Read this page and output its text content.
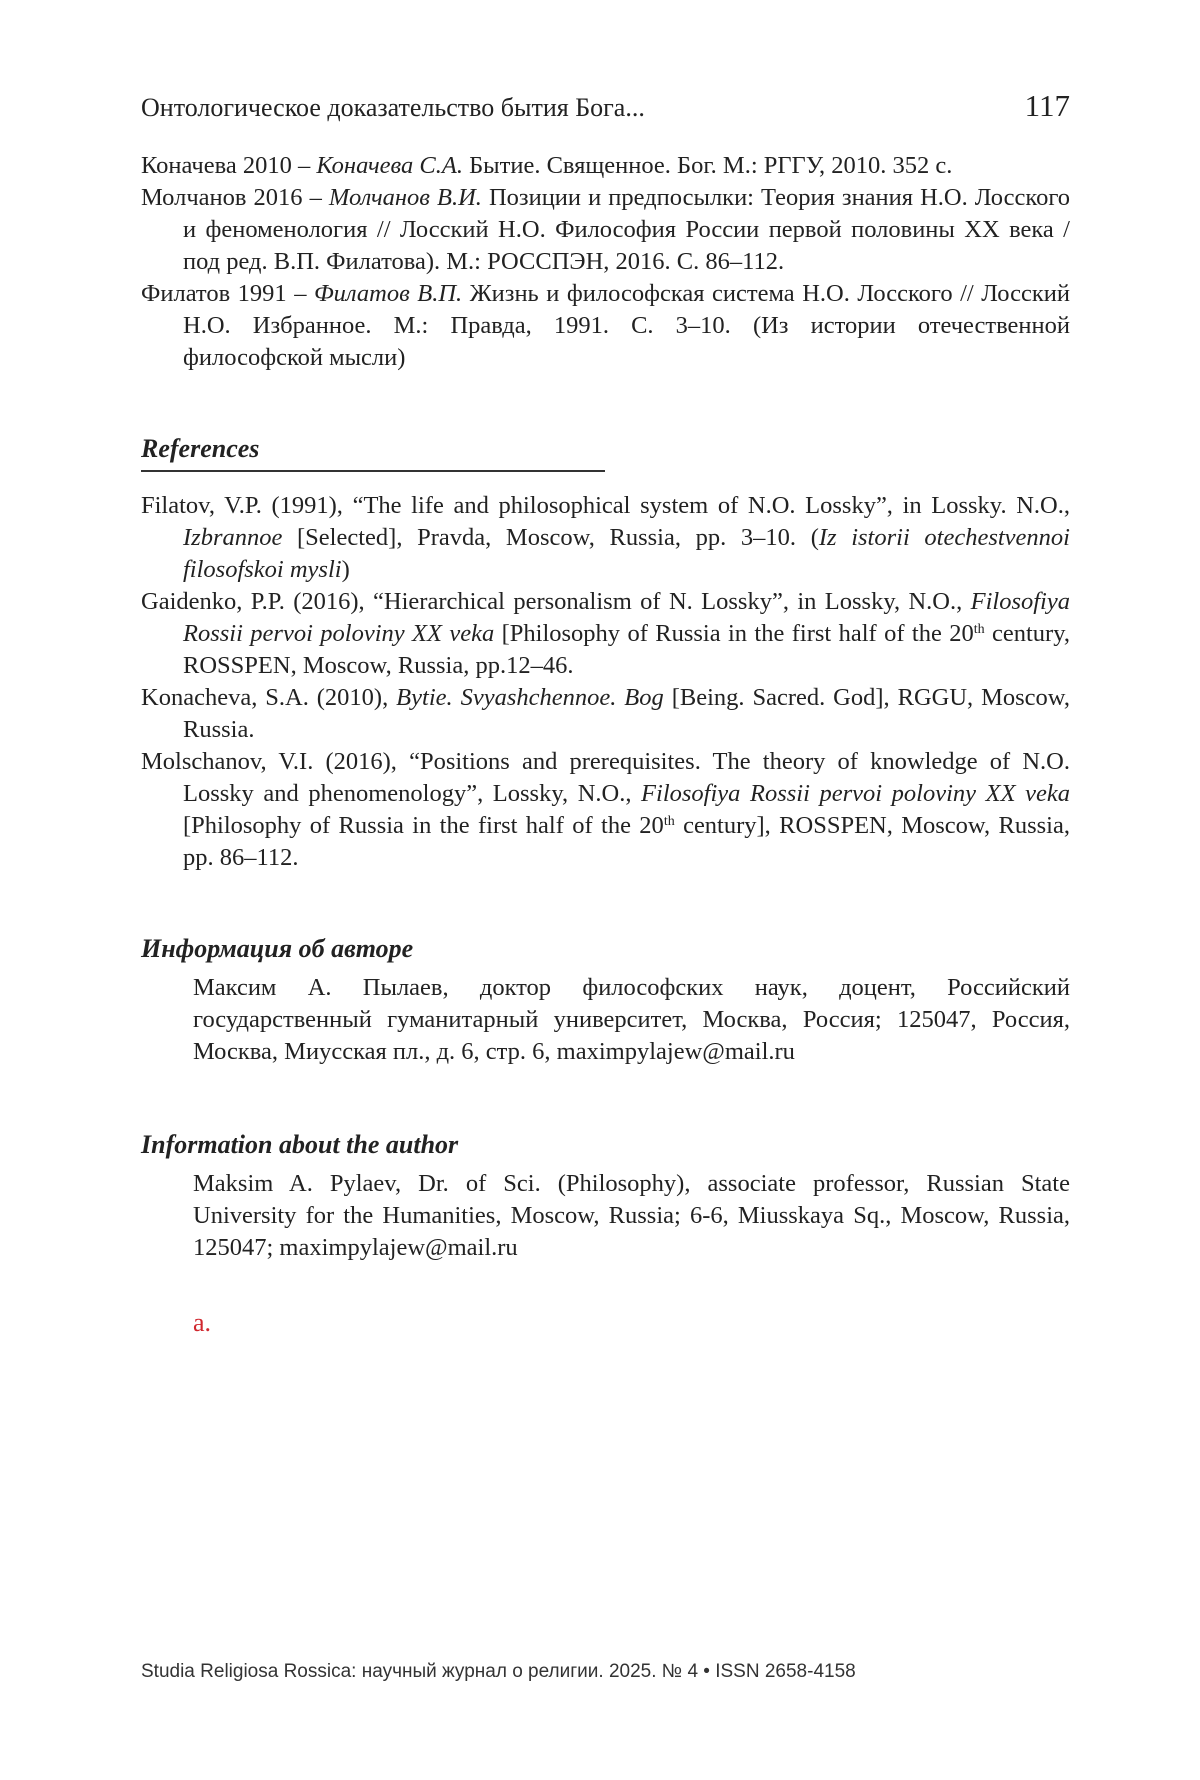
Онтологическое доказательство бытия Бога...	117

Коначева 2010 – Коначева С.А. Бытие. Священное. Бог. М.: РГГУ, 2010. 352 с.

Молчанов 2016 – Молчанов В.И. Позиции и предпосылки: Теория знания Н.О. Лосского и феноменология // Лосский Н.О. Философия России первой половины XX века / под ред. В.П. Филатова). М.: РОССПЭН, 2016. С. 86–112.

Филатов 1991 – Филатов В.П. Жизнь и философская система Н.О. Лосского // Лосский Н.О. Избранное. М.: Правда, 1991. С. 3–10. (Из истории отечественной философской мысли)

References

Filatov, V.P. (1991), “The life and philosophical system of N.O. Lossky”, in Lossky. N.O., Izbrannoe [Selected], Pravda, Moscow, Russia, pp. 3–10. (Iz istorii otechestvennoi filosofskoi mysli)

Gaidenko, P.P. (2016), “Hierarchical personalism of N. Lossky”, in Lossky, N.O., Filosofiya Rossii pervoi poloviny XX veka [Philosophy of Russia in the first half of the 20th century, ROSSPEN, Moscow, Russia, pp.12–46.

Konacheva, S.A. (2010), Bytie. Svyashchennoe. Bog [Being. Sacred. God], RGGU, Moscow, Russia.

Molschanov, V.I. (2016), “Positions and prerequisites. The theory of knowledge of N.O. Lossky and phenomenology”, Lossky, N.O., Filosofiya Rossii pervoi poloviny XX veka [Philosophy of Russia in the first half of the 20th century], ROSSPEN, Moscow, Russia, pp. 86–112.

Информация об авторе

Максим А. Пылаев, доктор философских наук, доцент, Российский государственный гуманитарный университет, Москва, Россия; 125047, Россия, Москва, Миусская пл., д. 6, стр. 6, maximpylajew@mail.ru

Information about the author

Maksim A. Pylaev, Dr. of Sci. (Philosophy), associate professor, Russian State University for the Humanities, Moscow, Russia; 6-6, Miusskaya Sq., Moscow, Russia, 125047; maximpylajew@mail.ru

а.
Studia Religiosa Rossica: научный журнал о религии. 2025. № 4 • ISSN 2658-4158
